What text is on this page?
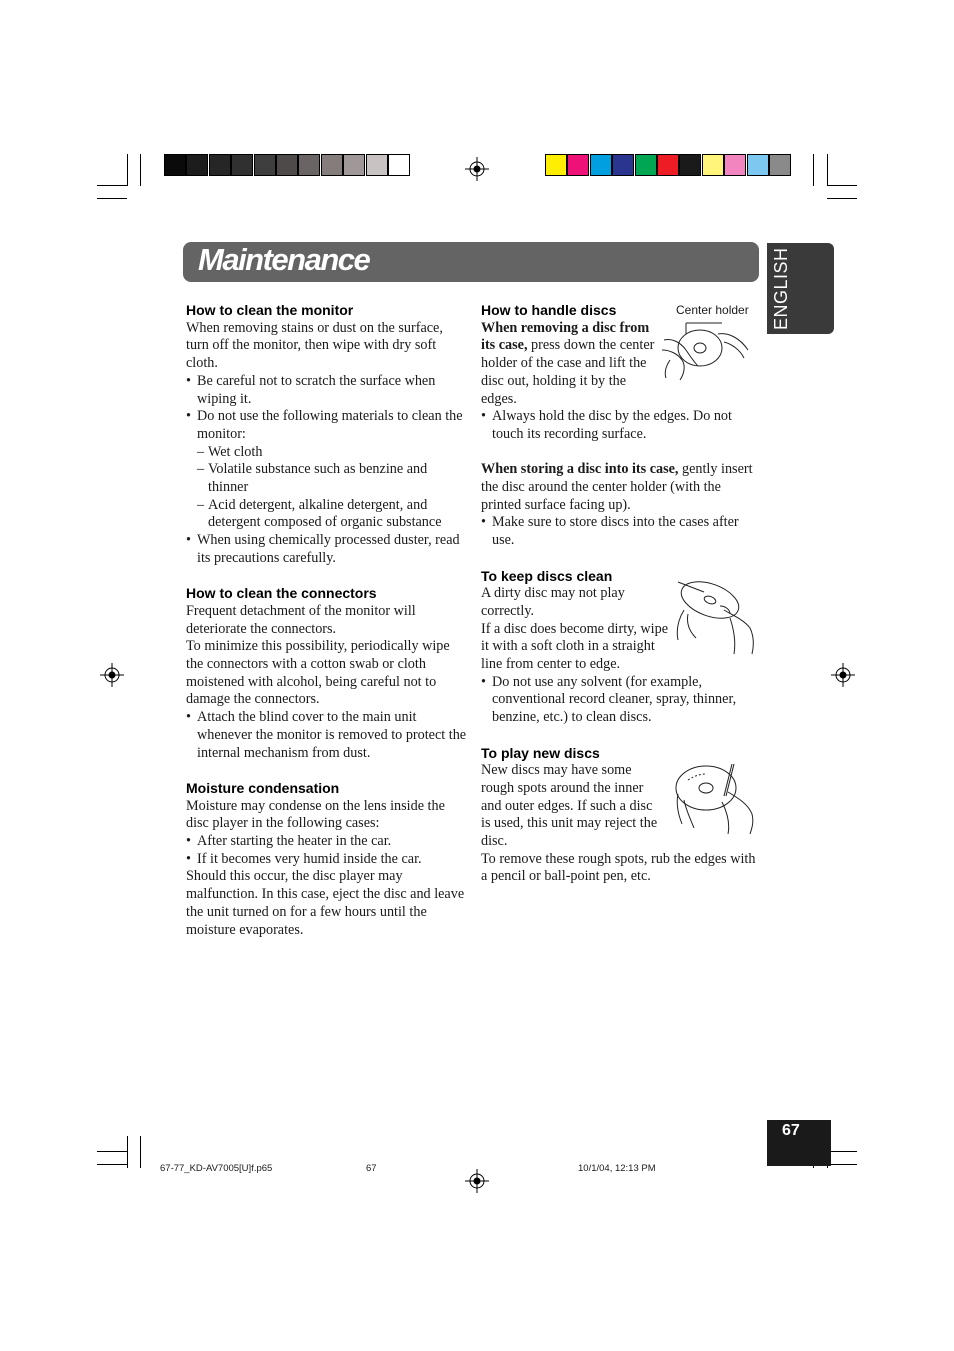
Maintenance	ENGLISH
How to clean the monitor

When removing stains or dust on the surface, turn off the monitor, then wipe with dry soft cloth.

• Be careful not to scratch the surface when wiping it.
• Do not use the following materials to clean the monitor:
– Wet cloth
– Volatile substance such as benzine and thinner
– Acid detergent, alkaline detergent, and detergent composed of organic substance
• When using chemically processed duster, read its precautions carefully.
How to clean the connectors

Frequent detachment of the monitor will deteriorate the connectors.

To minimize this possibility, periodically wipe the connectors with a cotton swab or cloth moistened with alcohol, being careful not to damage the connectors.

• Attach the blind cover to the main unit whenever the monitor is removed to protect the internal mechanism from dust.
Moisture condensation

Moisture may condense on the lens inside the disc player in the following cases:

• After starting the heater in the car.
• If it becomes very humid inside the car.

Should this occur, the disc player may malfunction. In this case, eject the disc and leave the unit turned on for a few hours until the moisture evaporates.

How to handle discs

When removing a disc from its case, press down the center holder of the case and lift the disc out, holding it by the edges.

• Always hold the disc by the edges. Do not touch its recording surface.

When storing a disc into its case, gently insert the disc around the center holder (with the printed surface facing up).

• Make sure to store discs into the cases after use.
To keep discs clean

A dirty disc may not play correctly.

If a disc does become dirty, wipe it with a soft cloth in a straight line from center to edge.

• Do not use any solvent (for example, conventional record cleaner, spray, thinner, benzine, etc.) to clean discs.
To play new discs

New discs may have some rough spots around the inner and outer edges. If such a disc is used, this unit may reject the disc.

To remove these rough spots, rub the edges with a pencil or ball-point pen, etc.

Center holder
67
67-77_KD-AV7005[U]f.p65	67	10/1/04, 12:13 PM
